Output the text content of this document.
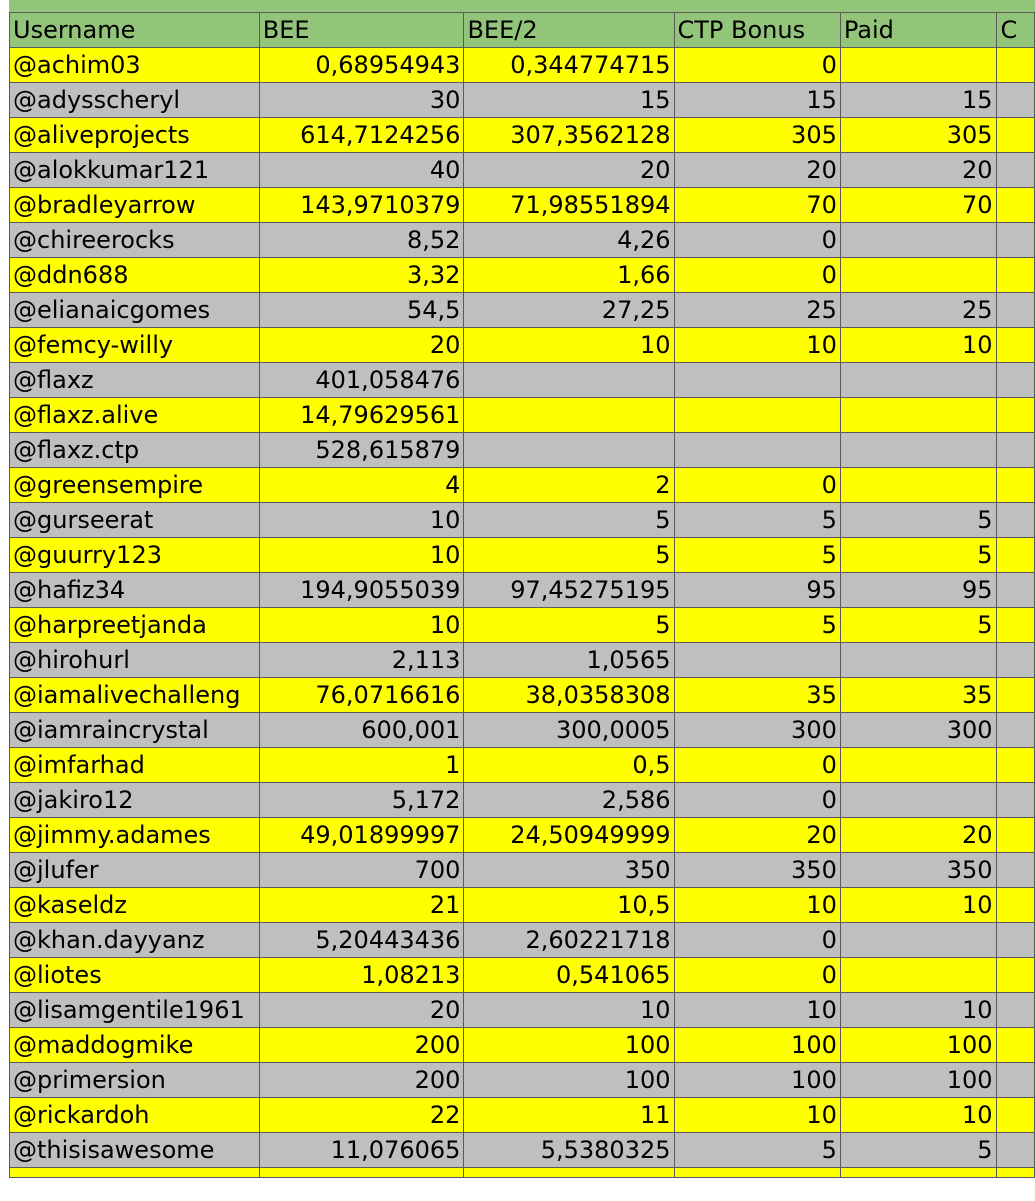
Username	BEE	BEE/2	CTP Bonus	Paid	C
@achim03	0,68954943	0,344774715	0		
@adysscheryl	30	15	15	15	
@aliveprojects	614,7124256	307,3562128	305	305	
@alokkumar121	40	20	20	20	
@bradleyarrow	143,9710379	71,98551894	70	70	
@chireerocks	8,52	4,26	0		
@ddn688	3,32	1,66	0		
@elianaicgomes	54,5	27,25	25	25	
@femcy-willy	20	10	10	10	
@flaxz	401,058476				
@flaxz.alive	14,79629561				
@flaxz.ctp	528,615879				
@greensempire	4	2	0		
@gurseerat	10	5	5	5	
@guurry123	10	5	5	5	
@hafiz34	194,9055039	97,45275195	95	95	
@harpreetjanda	10	5	5	5	
@hirohurl	2,113	1,0565			
@iamalivechalleng	76,0716616	38,0358308	35	35	
@iamraincrystal	600,001	300,0005	300	300	
@imfarhad	1	0,5	0		
@jakiro12	5,172	2,586	0		
@jimmy.adames	49,01899997	24,50949999	20	20	
@jlufer	700	350	350	350	
@kaseldz	21	10,5	10	10	
@khan.dayyanz	5,20443436	2,60221718	0		
@liotes	1,08213	0,541065	0		
@lisamgentile1961	20	10	10	10	
@maddogmike	200	100	100	100	
@primersion	200	100	100	100	
@rickardoh	22	11	10	10	
@thisisawesome	11,076065	5,5380325	5	5	
